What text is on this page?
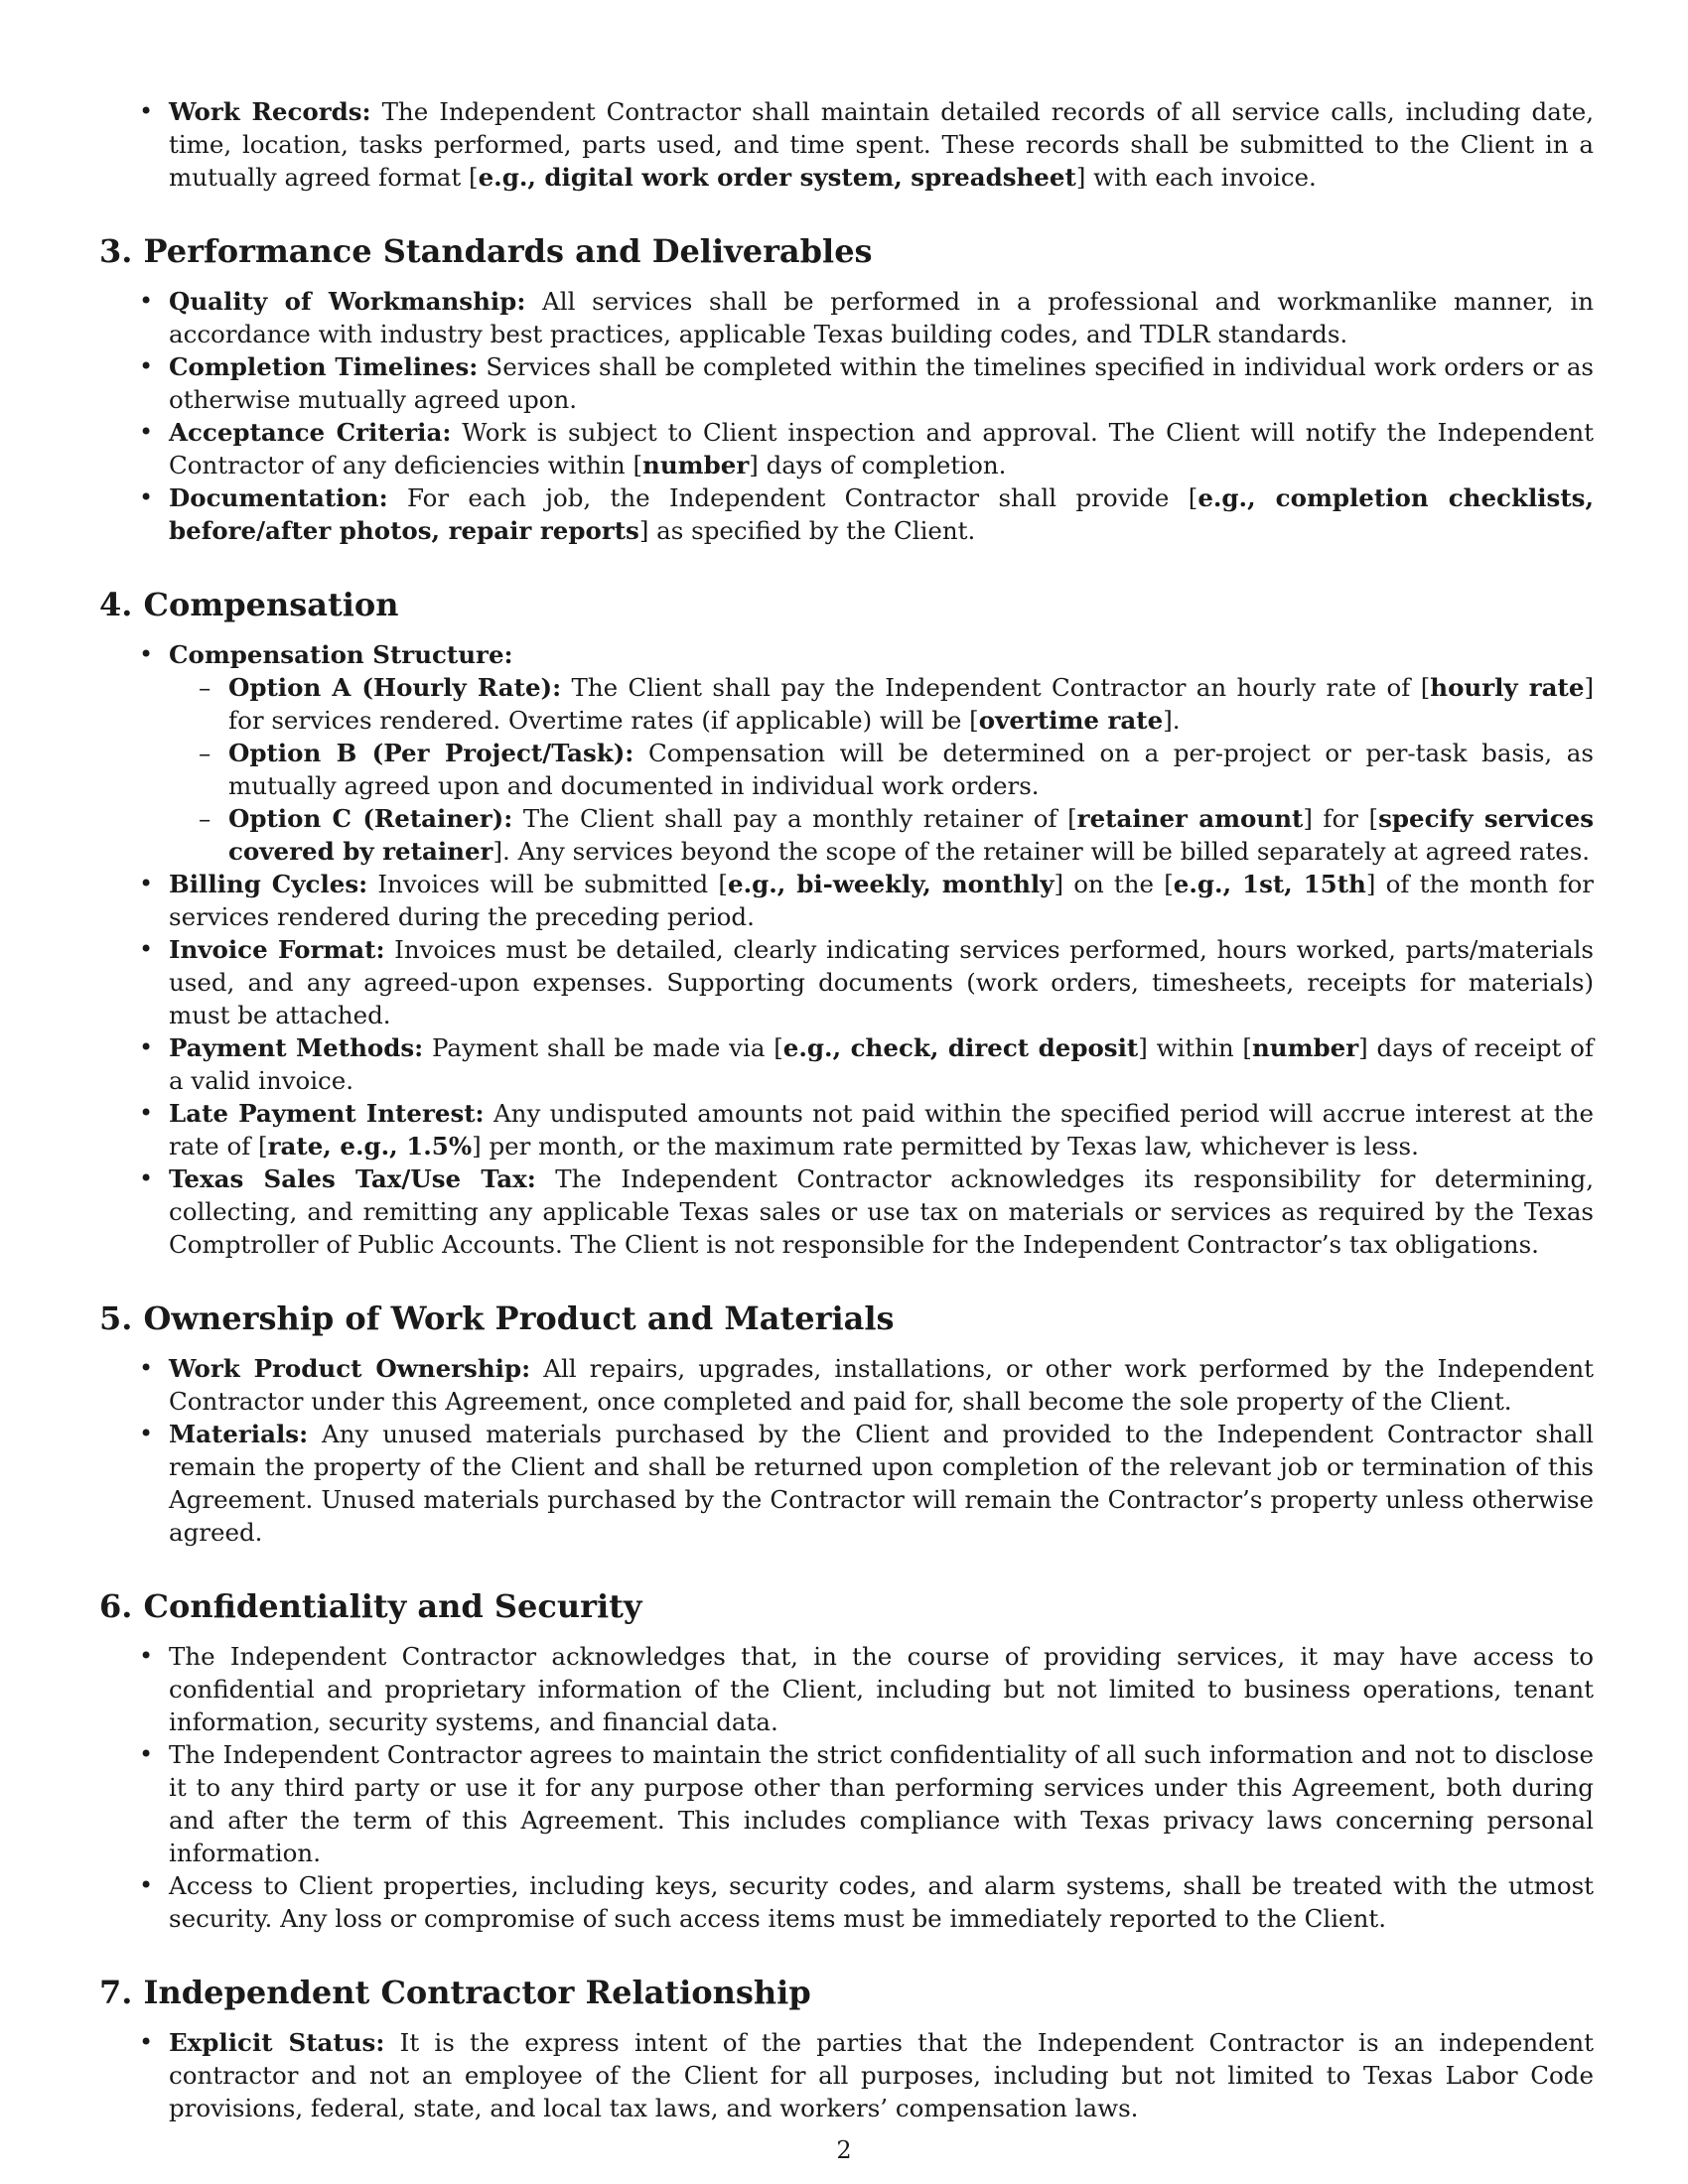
• Work Records: The Independent Contractor shall maintain detailed records of all service calls, including date, time, location, tasks performed, parts used, and time spent. These records shall be submitted to the Client in a mutually agreed format [e.g., digital work order system, spreadsheet] with each invoice.
3. Performance Standards and Deliverables
• Quality of Workmanship: All services shall be performed in a professional and workmanlike manner, in accordance with industry best practices, applicable Texas building codes, and TDLR standards.
• Completion Timelines: Services shall be completed within the timelines specified in individual work orders or as otherwise mutually agreed upon.
• Acceptance Criteria: Work is subject to Client inspection and approval. The Client will notify the Independent Contractor of any deficiencies within [number] days of completion.
• Documentation: For each job, the Independent Contractor shall provide [e.g., completion checklists, before/after photos, repair reports] as specified by the Client.
4. Compensation
• Compensation Structure:
– Option A (Hourly Rate): The Client shall pay the Independent Contractor an hourly rate of [hourly rate] for services rendered. Overtime rates (if applicable) will be [overtime rate].
– Option B (Per Project/Task): Compensation will be determined on a per-project or per-task basis, as mutually agreed upon and documented in individual work orders.
– Option C (Retainer): The Client shall pay a monthly retainer of [retainer amount] for [specify services covered by retainer]. Any services beyond the scope of the retainer will be billed separately at agreed rates.
• Billing Cycles: Invoices will be submitted [e.g., bi-weekly, monthly] on the [e.g., 1st, 15th] of the month for services rendered during the preceding period.
• Invoice Format: Invoices must be detailed, clearly indicating services performed, hours worked, parts/materials used, and any agreed-upon expenses. Supporting documents (work orders, timesheets, receipts for materials) must be attached.
• Payment Methods: Payment shall be made via [e.g., check, direct deposit] within [number] days of receipt of a valid invoice.
• Late Payment Interest: Any undisputed amounts not paid within the specified period will accrue interest at the rate of [rate, e.g., 1.5%] per month, or the maximum rate permitted by Texas law, whichever is less.
• Texas Sales Tax/Use Tax: The Independent Contractor acknowledges its responsibility for determining, collecting, and remitting any applicable Texas sales or use tax on materials or services as required by the Texas Comptroller of Public Accounts. The Client is not responsible for the Independent Contractor’s tax obligations.
5. Ownership of Work Product and Materials
• Work Product Ownership: All repairs, upgrades, installations, or other work performed by the Independent Contractor under this Agreement, once completed and paid for, shall become the sole property of the Client.
• Materials: Any unused materials purchased by the Client and provided to the Independent Contractor shall remain the property of the Client and shall be returned upon completion of the relevant job or termination of this Agreement. Unused materials purchased by the Contractor will remain the Contractor’s property unless otherwise agreed.
6. Confidentiality and Security
• The Independent Contractor acknowledges that, in the course of providing services, it may have access to confidential and proprietary information of the Client, including but not limited to business operations, tenant information, security systems, and financial data.
• The Independent Contractor agrees to maintain the strict confidentiality of all such information and not to disclose it to any third party or use it for any purpose other than performing services under this Agreement, both during and after the term of this Agreement. This includes compliance with Texas privacy laws concerning personal information.
• Access to Client properties, including keys, security codes, and alarm systems, shall be treated with the utmost security. Any loss or compromise of such access items must be immediately reported to the Client.
7. Independent Contractor Relationship
• Explicit Status: It is the express intent of the parties that the Independent Contractor is an independent contractor and not an employee of the Client for all purposes, including but not limited to Texas Labor Code provisions, federal, state, and local tax laws, and workers’ compensation laws.
2
